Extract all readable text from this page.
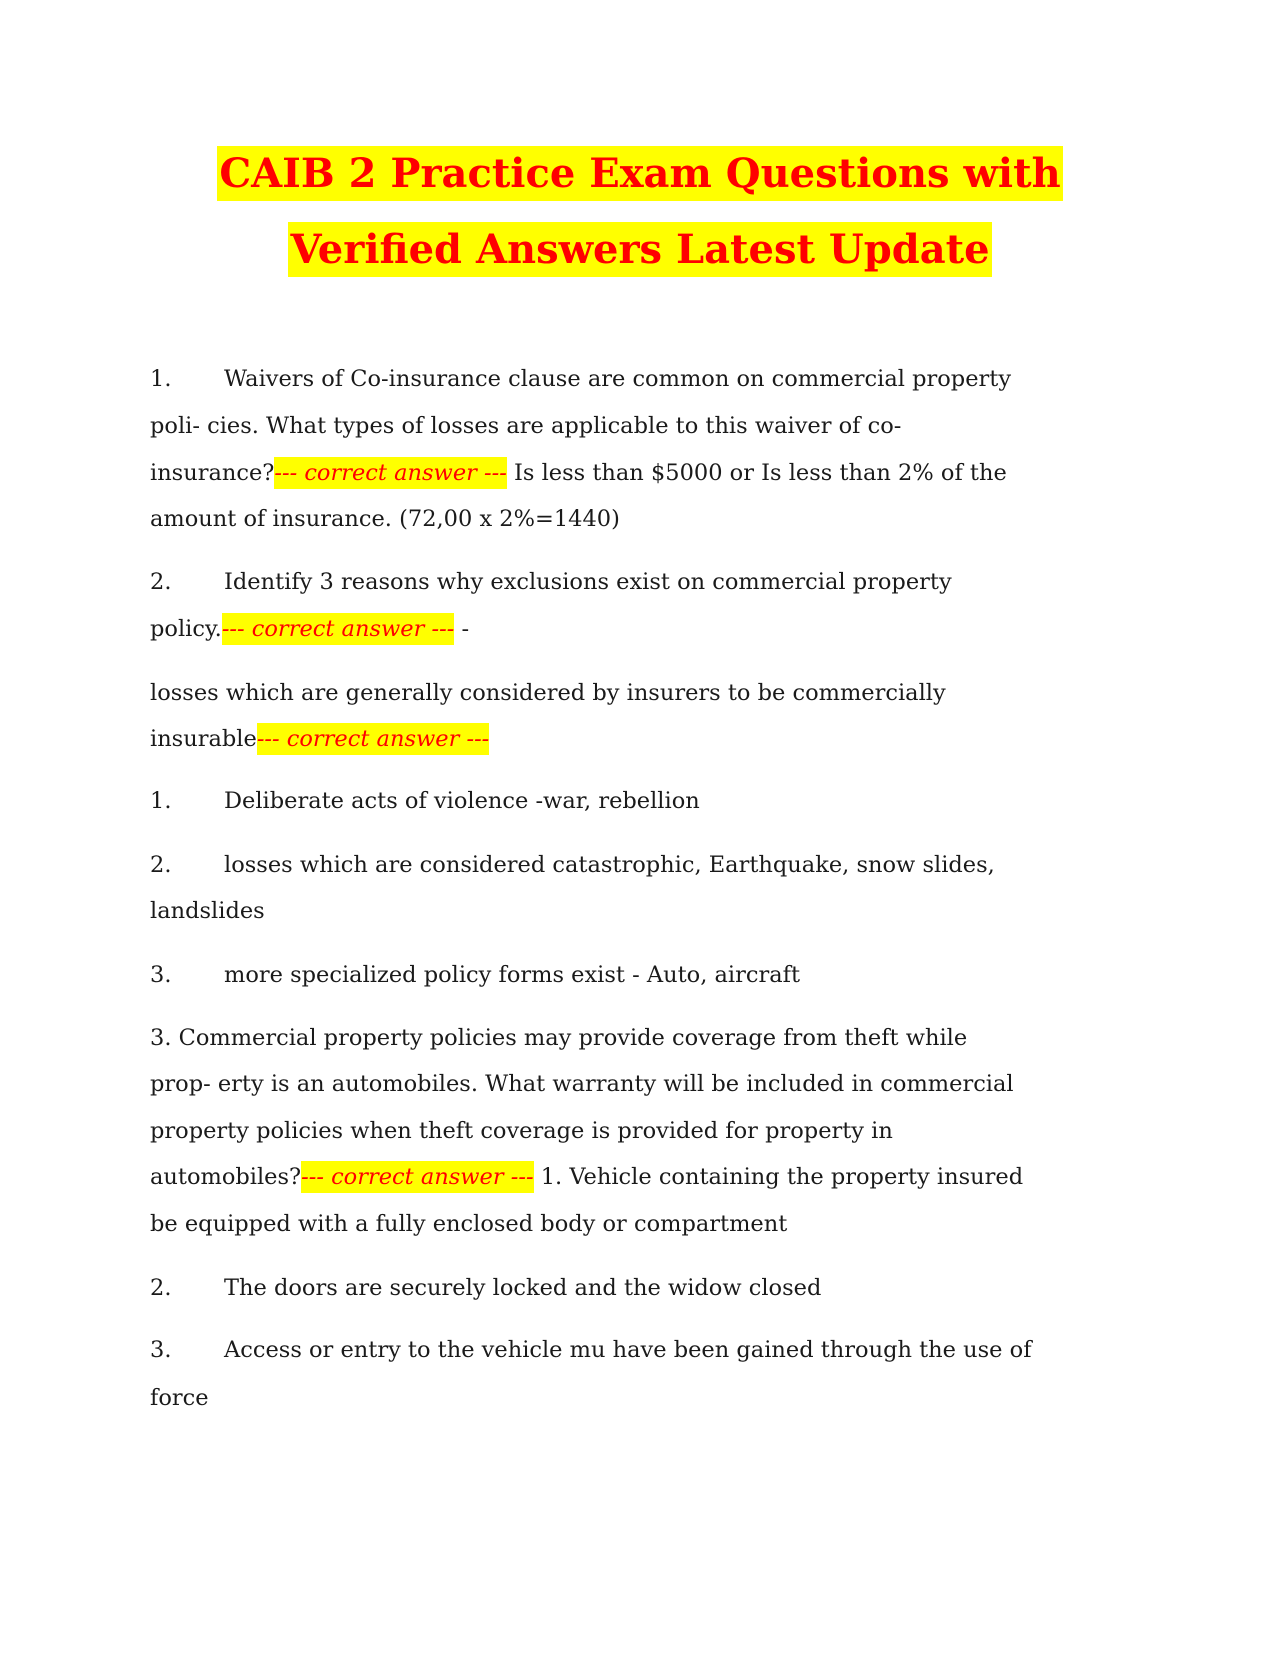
CAIB 2 Practice Exam Questions with
Verified Answers Latest Update
1. Waivers of Co-insurance clause are common on commercial property
poli- cies. What types of losses are applicable to this waiver of co-
insurance?--- correct answer --- Is less than $5000 or Is less than 2% of the
amount of insurance. (72,00 x 2%=1440)
2. Identify 3 reasons why exclusions exist on commercial property
policy.--- correct answer --- -
losses which are generally considered by insurers to be commercially
insurable--- correct answer ---
1. Deliberate acts of violence -war, rebellion
2. losses which are considered catastrophic, Earthquake, snow slides,
landslides
3. more specialized policy forms exist - Auto, aircraft
3. Commercial property policies may provide coverage from theft while
prop- erty is an automobiles. What warranty will be included in commercial
property policies when theft coverage is provided for property in
automobiles?--- correct answer --- 1. Vehicle containing the property insured
be equipped with a fully enclosed body or compartment
2. The doors are securely locked and the widow closed
3. Access or entry to the vehicle mu have been gained through the use of
force
